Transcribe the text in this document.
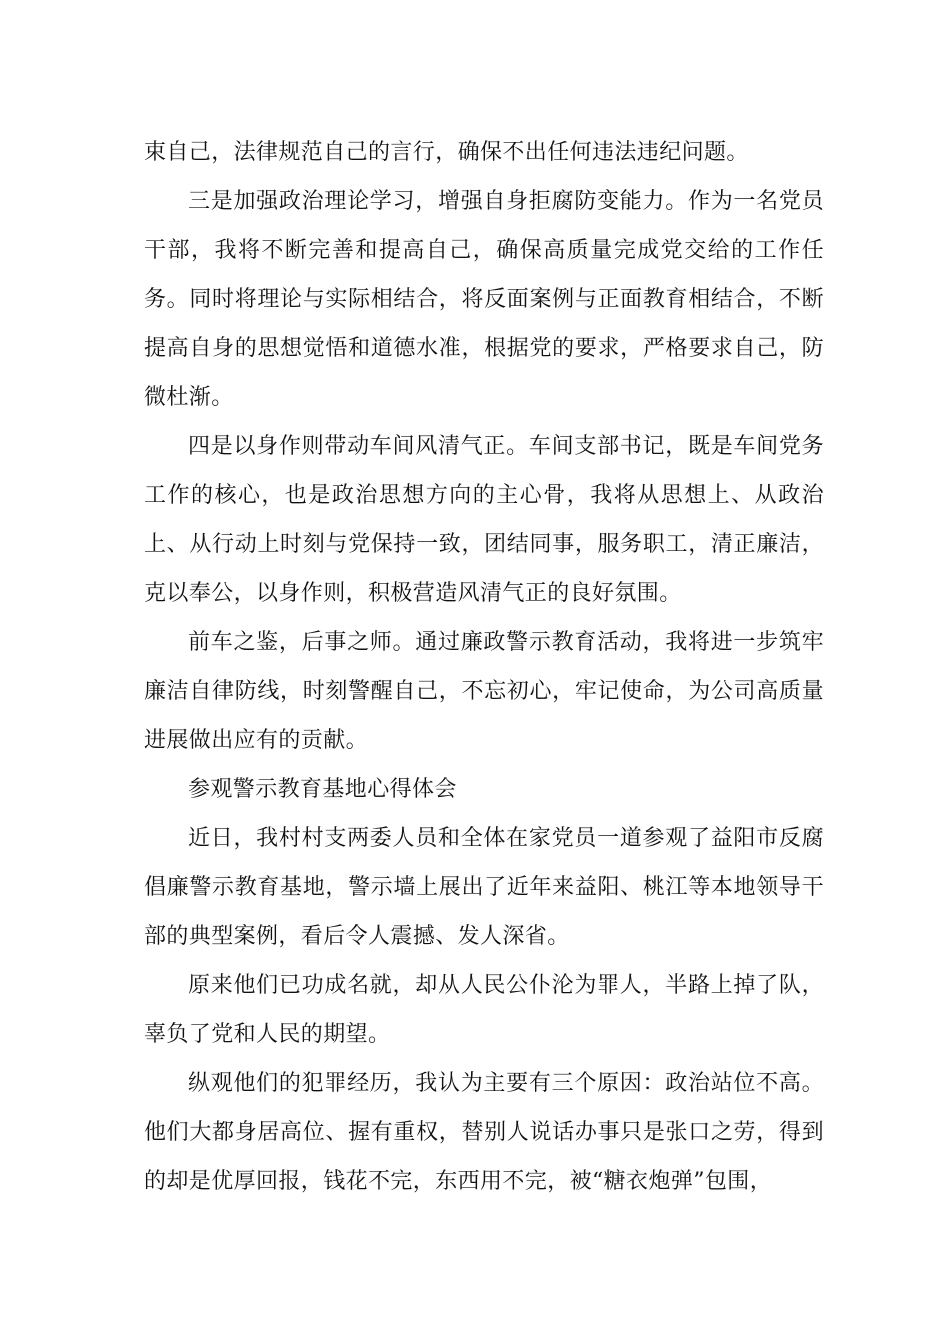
束自己，法律规范自己的言行，确保不出任何违法违纪问题。

三是加强政治理论学习，增强自身拒腐防变能力。作为一名党员干部，我将不断完善和提高自己，确保高质量完成党交给的工作任务。同时将理论与实际相结合，将反面案例与正面教育相结合，不断提高自身的思想觉悟和道德水准，根据党的要求，严格要求自己，防微杜渐。

四是以身作则带动车间风清气正。车间支部书记，既是车间党务工作的核心，也是政治思想方向的主心骨，我将从思想上、从政治上、从行动上时刻与党保持一致，团结同事，服务职工，清正廉洁，克以奉公，以身作则，积极营造风清气正的良好氛围。

前车之鉴，后事之师。通过廉政警示教育活动，我将进一步筑牢廉洁自律防线，时刻警醒自己，不忘初心，牢记使命，为公司高质量进展做出应有的贡献。

参观警示教育基地心得体会

近日，我村村支两委人员和全体在家党员一道参观了益阳市反腐倡廉警示教育基地，警示墙上展出了近年来益阳、桃江等本地领导干部的典型案例，看后令人震撼、发人深省。

原来他们已功成名就，却从人民公仆沦为罪人，半路上掉了队，辜负了党和人民的期望。

纵观他们的犯罪经历，我认为主要有三个原因：政治站位不高。他们大都身居高位、握有重权，替别人说话办事只是张口之劳，得到的却是优厚回报，钱花不完，东西用不完，被“糖衣炮弹”包围，
